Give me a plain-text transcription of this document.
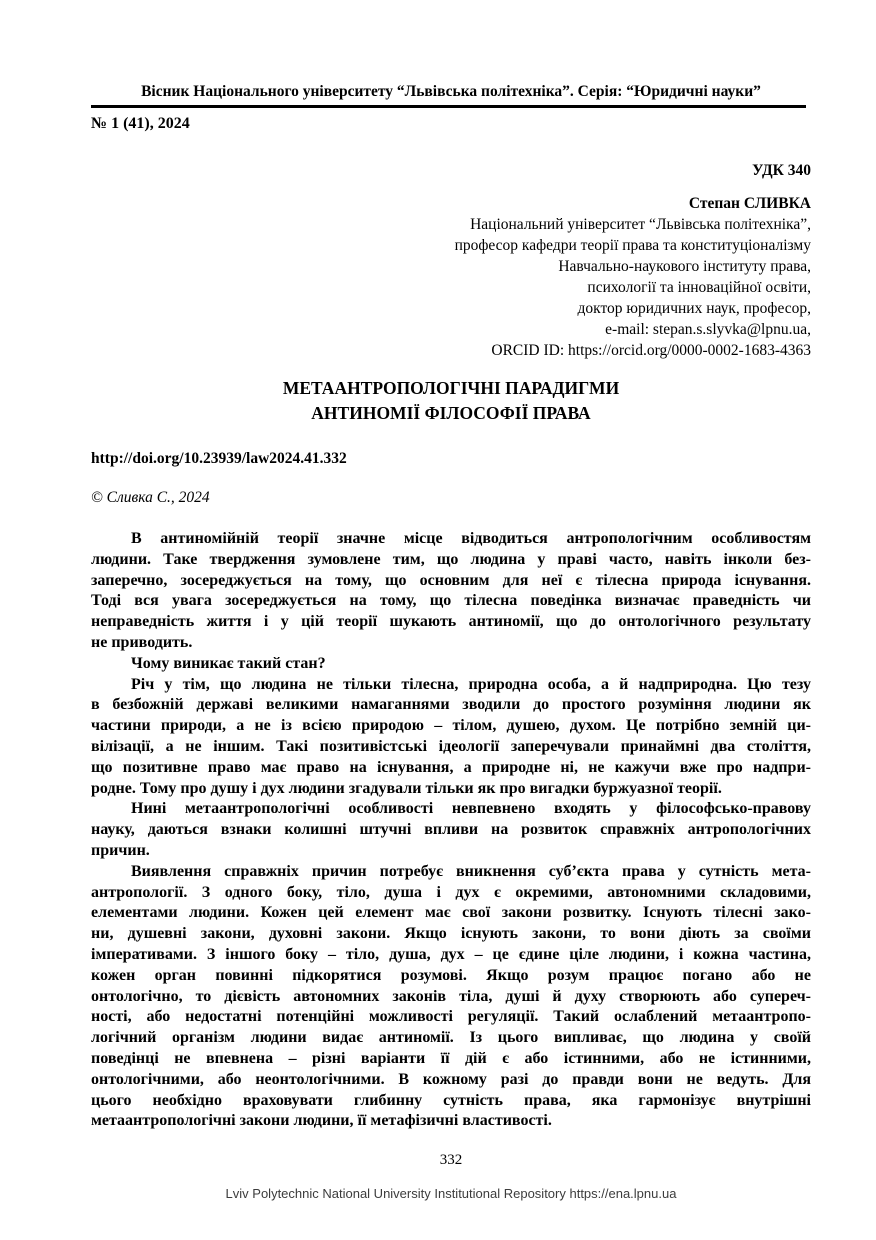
Вісник Національного університету “Львівська політехніка”. Серія: “Юридичні науки”
№ 1 (41), 2024
УДК 340
Степан СЛИВКА
Національний університет “Львівська політехніка”,
професор кафедри теорії права та конституціоналізму
Навчально-наукового інституту права,
психології та інноваційної освіти,
доктор юридичних наук, професор,
e-mail: stepan.s.slyvka@lpnu.ua,
ORCID ID: https://orcid.org/0000-0002-1683-4363
МЕТААНТРОПОЛОГІЧНІ ПАРАДИГМИ
АНТИНОМІЇ ФІЛОСОФІЇ ПРАВА
http://doi.org/10.23939/law2024.41.332
© Сливка С., 2024
В антиномійній теорії значне місце відводиться антропологічним особливостям
людини. Таке твердження зумовлене тим, що людина у праві часто, навіть інколи без-
заперечно, зосереджується на тому, що основним для неї є тілесна природа існування.
Тоді вся увага зосереджується на тому, що тілесна поведінка визначає праведність чи
неправедність життя і у цій теорії шукають антиномії, що до онтологічного результату
не приводить.
Чому виникає такий стан?
Річ у тім, що людина не тільки тілесна, природна особа, а й надприродна. Цю тезу
в безбожній державі великими намаганнями зводили до простого розуміння людини як
частини природи, а не із всією природою – тілом, душею, духом. Це потрібно земній ци-
вілізації, а не іншим. Такі позитивістські ідеології заперечували принаймні два століття,
що позитивне право має право на існування, а природне ні, не кажучи вже про надпри-
родне. Тому про душу і дух людини згадували тільки як про вигадки буржуазної теорії.
Нині метаантропологічні особливості невпевнено входять у філософсько-правову
науку, даються взнаки колишні штучні впливи на розвиток справжніх антропологічних
причин.
Виявлення справжніх причин потребує вникнення суб’єкта права у сутність мета-
антропології. З одного боку, тіло, душа і дух є окремими, автономними складовими,
елементами людини. Кожен цей елемент має свої закони розвитку. Існують тілесні зако-
ни, душевні закони, духовні закони. Якщо існують закони, то вони діють за своїми
імперативами. З іншого боку – тіло, душа, дух – це єдине ціле людини, і кожна частина,
кожен орган повинні підкорятися розумові. Якщо розум працює погано або не
онтологічно, то дієвість автономних законів тіла, душі й духу створюють або супереч-
ності, або недостатні потенційні можливості регуляції. Такий ослаблений метаантропо-
логічний організм людини видає антиномії. Із цього випливає, що людина у своїй
поведінці не впевнена – різні варіанти її дій є або істинними, або не істинними,
онтологічними, або неонтологічними. В кожному разі до правди вони не ведуть. Для
цього необхідно враховувати глибинну сутність права, яка гармонізує внутрішні
метаантропологічні закони людини, її метафізичні властивості.
332
Lviv Polytechnic National University Institutional Repository https://ena.lpnu.ua
